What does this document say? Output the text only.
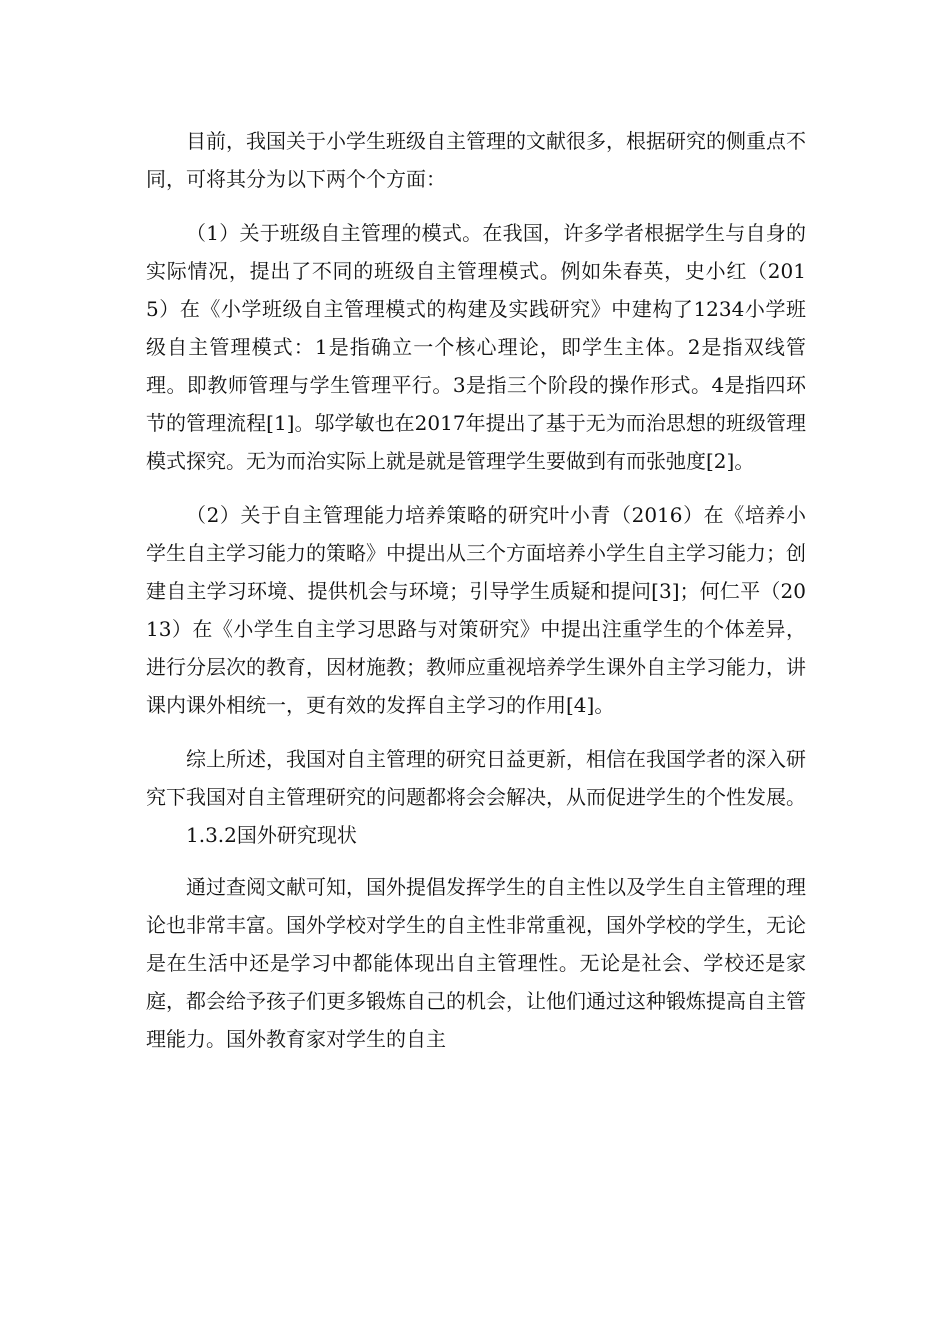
目前，我国关于小学生班级自主管理的文献很多，根据研究的侧重点不同，可将其分为以下两个个方面：

（1）关于班级自主管理的模式。在我国，许多学者根据学生与自身的实际情况，提出了不同的班级自主管理模式。例如朱春英，史小红（2015）在《小学班级自主管理模式的构建及实践研究》中建构了1234小学班级自主管理模式：1是指确立一个核心理论，即学生主体。2是指双线管理。即教师管理与学生管理平行。3是指三个阶段的操作形式。4是指四环节的管理流程[1]。邬学敏也在2017年提出了基于无为而治思想的班级管理模式探究。无为而治实际上就是就是管理学生要做到有而张弛度[2]。

（2）关于自主管理能力培养策略的研究叶小青（2016）在《培养小学生自主学习能力的策略》中提出从三个方面培养小学生自主学习能力；创建自主学习环境、提供机会与环境；引导学生质疑和提问[3]；何仁平（2013）在《小学生自主学习思路与对策研究》中提出注重学生的个体差异，进行分层次的教育，因材施教；教师应重视培养学生课外自主学习能力，讲课内课外相统一，更有效的发挥自主学习的作用[4]。

综上所述，我国对自主管理的研究日益更新，相信在我国学者的深入研究下我国对自主管理研究的问题都将会会解决，从而促进学生的个性发展。

1.3.2国外研究现状

通过查阅文献可知，国外提倡发挥学生的自主性以及学生自主管理的理论也非常丰富。国外学校对学生的自主性非常重视，国外学校的学生，无论是在生活中还是学习中都能体现出自主管理性。无论是社会、学校还是家庭，都会给予孩子们更多锻炼自己的机会，让他们通过这种锻炼提高自主管理能力。国外教育家对学生的自主
